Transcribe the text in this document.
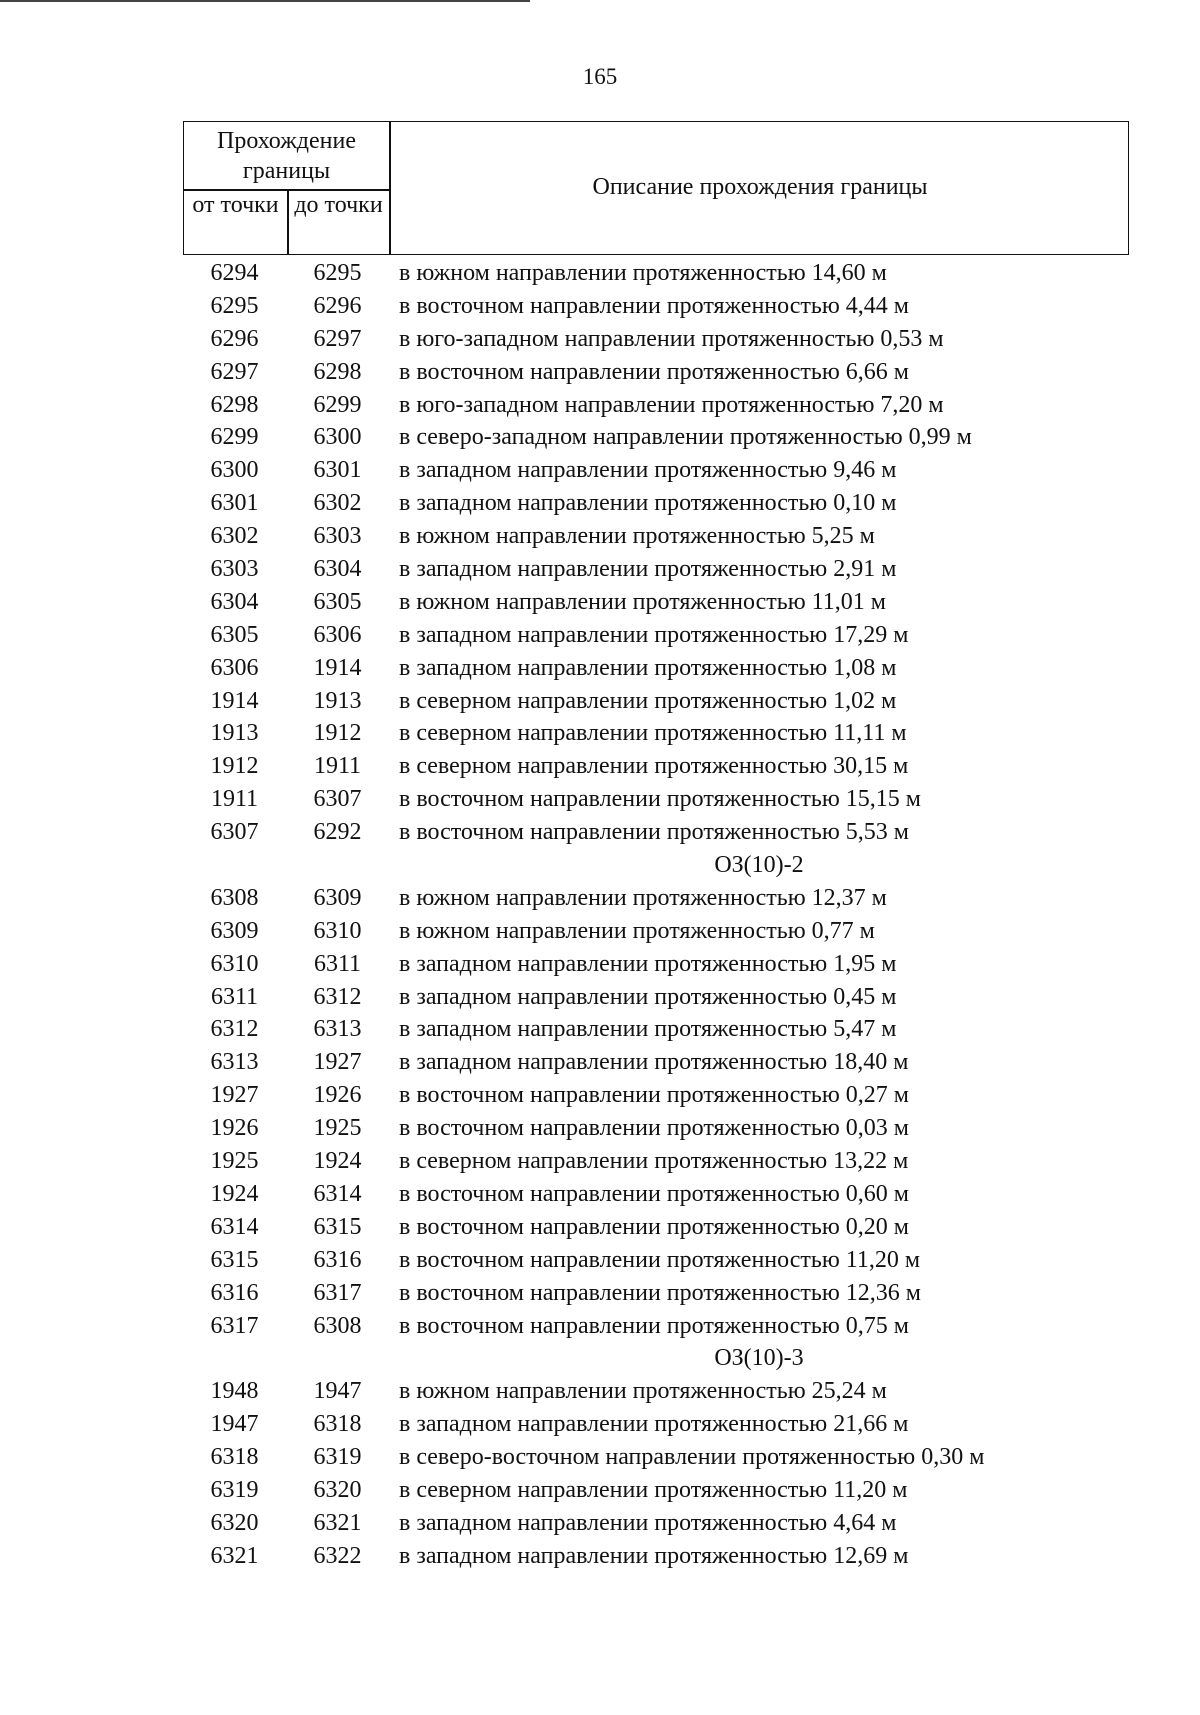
165
Прохождение границы
от точки до точки
Описание прохождения границы
6294	6295	в южном направлении протяженностью 14,60 м
6295	6296	в восточном направлении протяженностью 4,44 м
6296	6297	в юго-западном направлении протяженностью 0,53 м
6297	6298	в восточном направлении протяженностью 6,66 м
6298	6299	в юго-западном направлении протяженностью 7,20 м
6299	6300	в северо-западном направлении протяженностью 0,99 м
6300	6301	в западном направлении протяженностью 9,46 м
6301	6302	в западном направлении протяженностью 0,10 м
6302	6303	в южном направлении протяженностью 5,25 м
6303	6304	в западном направлении протяженностью 2,91 м
6304	6305	в южном направлении протяженностью 11,01 м
6305	6306	в западном направлении протяженностью 17,29 м
6306	1914	в западном направлении протяженностью 1,08 м
1914	1913	в северном направлении протяженностью 1,02 м
1913	1912	в северном направлении протяженностью 11,11 м
1912	1911	в северном направлении протяженностью 30,15 м
1911	6307	в восточном направлении протяженностью 15,15 м
6307	6292	в восточном направлении протяженностью 5,53 м
ОЗ(10)-2
6308	6309	в южном направлении протяженностью 12,37 м
6309	6310	в южном направлении протяженностью 0,77 м
6310	6311	в западном направлении протяженностью 1,95 м
6311	6312	в западном направлении протяженностью 0,45 м
6312	6313	в западном направлении протяженностью 5,47 м
6313	1927	в западном направлении протяженностью 18,40 м
1927	1926	в восточном направлении протяженностью 0,27 м
1926	1925	в восточном направлении протяженностью 0,03 м
1925	1924	в северном направлении протяженностью 13,22 м
1924	6314	в восточном направлении протяженностью 0,60 м
6314	6315	в восточном направлении протяженностью 0,20 м
6315	6316	в восточном направлении протяженностью 11,20 м
6316	6317	в восточном направлении протяженностью 12,36 м
6317	6308	в восточном направлении протяженностью 0,75 м
ОЗ(10)-3
1948	1947	в южном направлении протяженностью 25,24 м
1947	6318	в западном направлении протяженностью 21,66 м
6318	6319	в северо-восточном направлении протяженностью 0,30 м
6319	6320	в северном направлении протяженностью 11,20 м
6320	6321	в западном направлении протяженностью 4,64 м
6321	6322	в западном направлении протяженностью 12,69 м
